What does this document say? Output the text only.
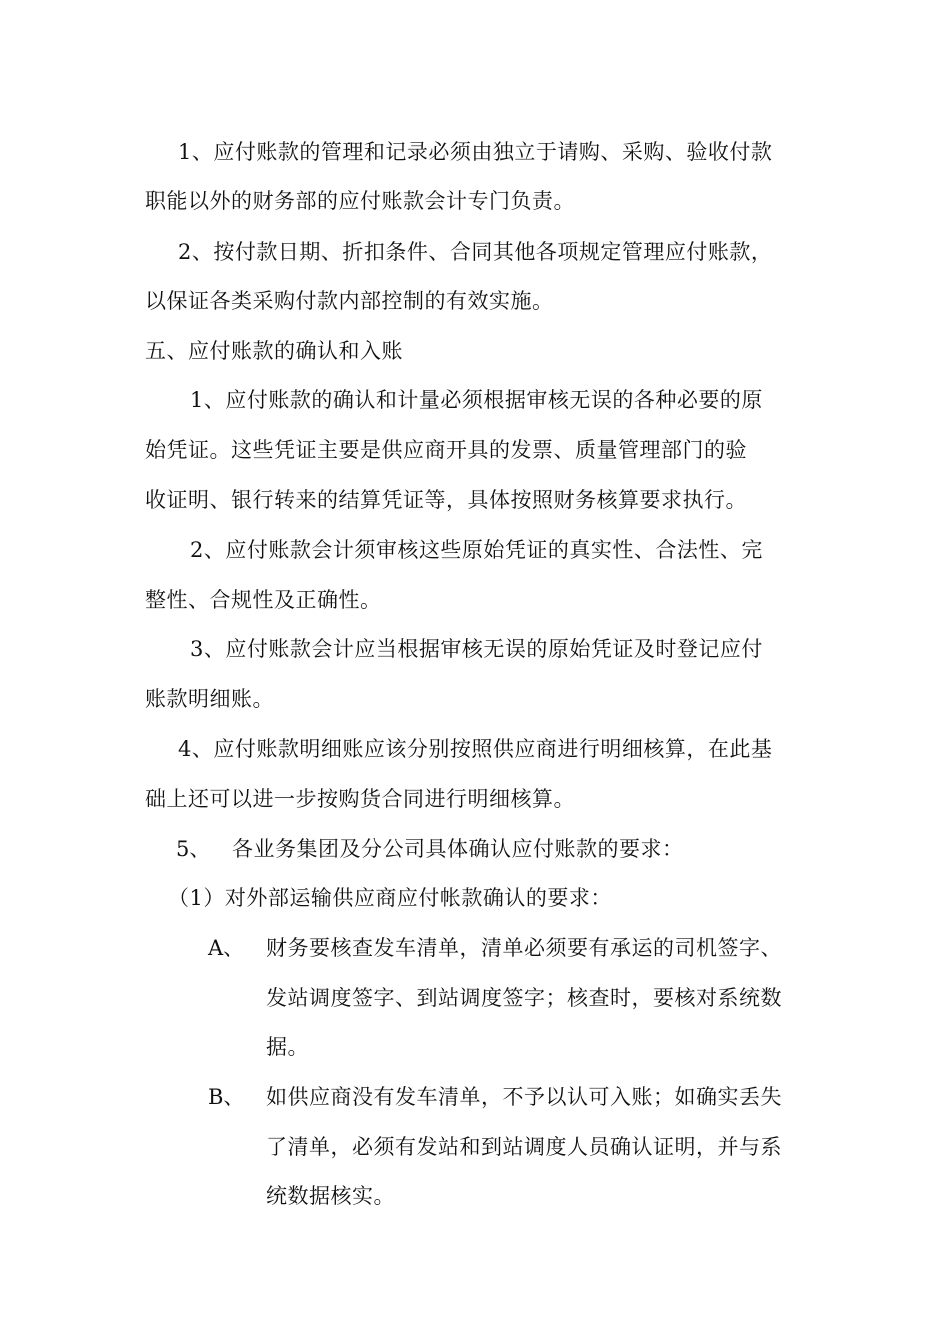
1、应付账款的管理和记录必须由独立于请购、采购、验收付款
职能以外的财务部的应付账款会计专门负责。
2、按付款日期、折扣条件、合同其他各项规定管理应付账款，
以保证各类采购付款内部控制的有效实施。
五、应付账款的确认和入账
1、应付账款的确认和计量必须根据审核无误的各种必要的原
始凭证。这些凭证主要是供应商开具的发票、质量管理部门的验
收证明、银行转来的结算凭证等，具体按照财务核算要求执行。
2、应付账款会计须审核这些原始凭证的真实性、合法性、完
整性、合规性及正确性。
3、应付账款会计应当根据审核无误的原始凭证及时登记应付
账款明细账。
4、应付账款明细账应该分别按照供应商进行明细核算，在此基
础上还可以进一步按购货合同进行明细核算。
5、 各业务集团及分公司具体确认应付账款的要求：
（1）对外部运输供应商应付帐款确认的要求：
A、 财务要核查发车清单，清单必须要有承运的司机签字、
发站调度签字、到站调度签字；核查时，要核对系统数
据。
B、 如供应商没有发车清单，不予以认可入账；如确实丢失
了清单，必须有发站和到站调度人员确认证明，并与系
统数据核实。
